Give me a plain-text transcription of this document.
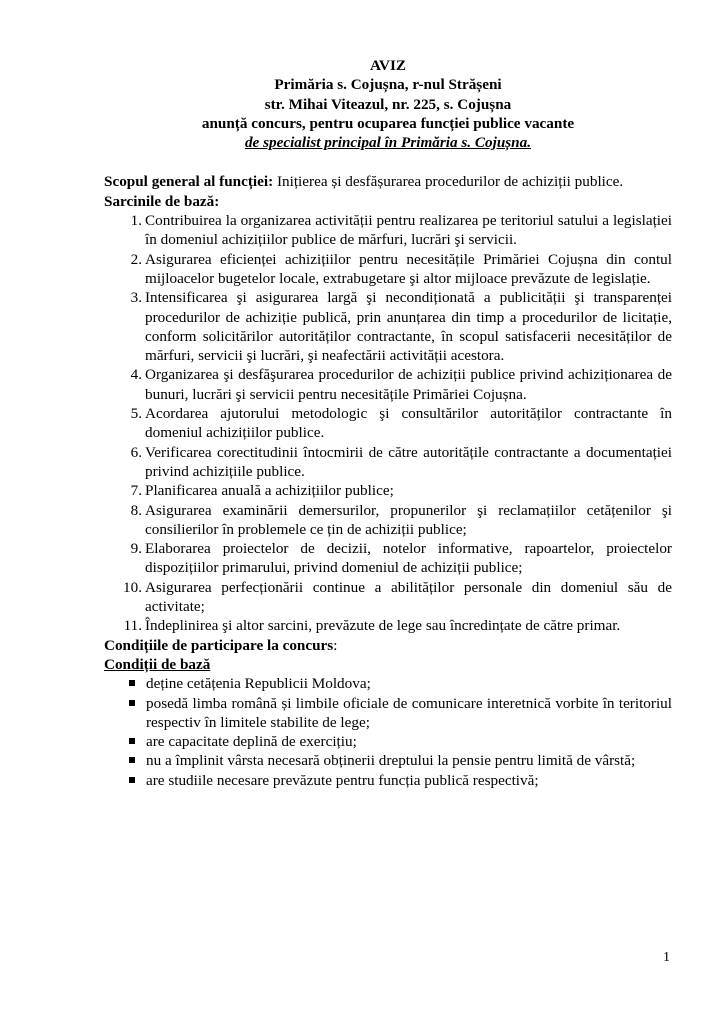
AVIZ
Primăria s. Cojușna, r-nul Strășeni
str. Mihai Viteazul, nr. 225, s. Cojușna
anunță concurs, pentru ocuparea funcției publice vacante
de specialist principal în Primăria s. Cojușna.
Scopul general al funcției: Inițierea și desfășurarea procedurilor de achiziții publice.
Sarcinile de bază:
1. Contribuirea la organizarea activității pentru realizarea pe teritoriul satului a legislației în domeniul achizițiilor publice de mărfuri, lucrări şi servicii.
2. Asigurarea eficienței achizițiilor pentru necesitățile Primăriei Cojușna din contul mijloacelor bugetelor locale, extrabugetare şi altor mijloace prevăzute de legislație.
3. Intensificarea şi asigurarea largă şi necondiționată a publicității şi transparenței procedurilor de achiziție publică, prin anunțarea din timp a procedurilor de licitație, conform solicitărilor autorităților contractante, în scopul satisfacerii necesităților de mărfuri, servicii şi lucrări, şi neafectării activității acestora.
4. Organizarea şi desfăşurarea procedurilor de achiziții publice privind achiziționarea de bunuri, lucrări şi servicii pentru necesitățile Primăriei Cojușna.
5. Acordarea ajutorului metodologic şi consultărilor autorităților contractante în domeniul achizițiilor publice.
6. Verificarea corectitudinii întocmirii de către autoritățile contractante a documentației privind achizițiile publice.
7. Planificarea anuală a achizițiilor publice;
8. Asigurarea examinării demersurilor, propunerilor şi reclamațiilor cetățenilor şi consilierilor în problemele ce țin de achiziții publice;
9. Elaborarea proiectelor de decizii, notelor informative, rapoartelor, proiectelor dispozițiilor primarului, privind domeniul de achiziții publice;
10. Asigurarea perfecționării continue a abilităților personale din domeniul său de activitate;
11. Îndeplinirea şi altor sarcini, prevăzute de lege sau încredințate de către primar.
Condițiile de participare la concurs:
Condiții de bază
deține cetățenia Republicii Moldova;
posedă limba română și limbile oficiale de comunicare interetnică vorbite în teritoriul respectiv în limitele stabilite de lege;
are capacitate deplină de exercițiu;
nu a împlinit vârsta necesară obținerii dreptului la pensie pentru limită de vârstă;
are studiile necesare prevăzute pentru funcția publică respectivă;
1
